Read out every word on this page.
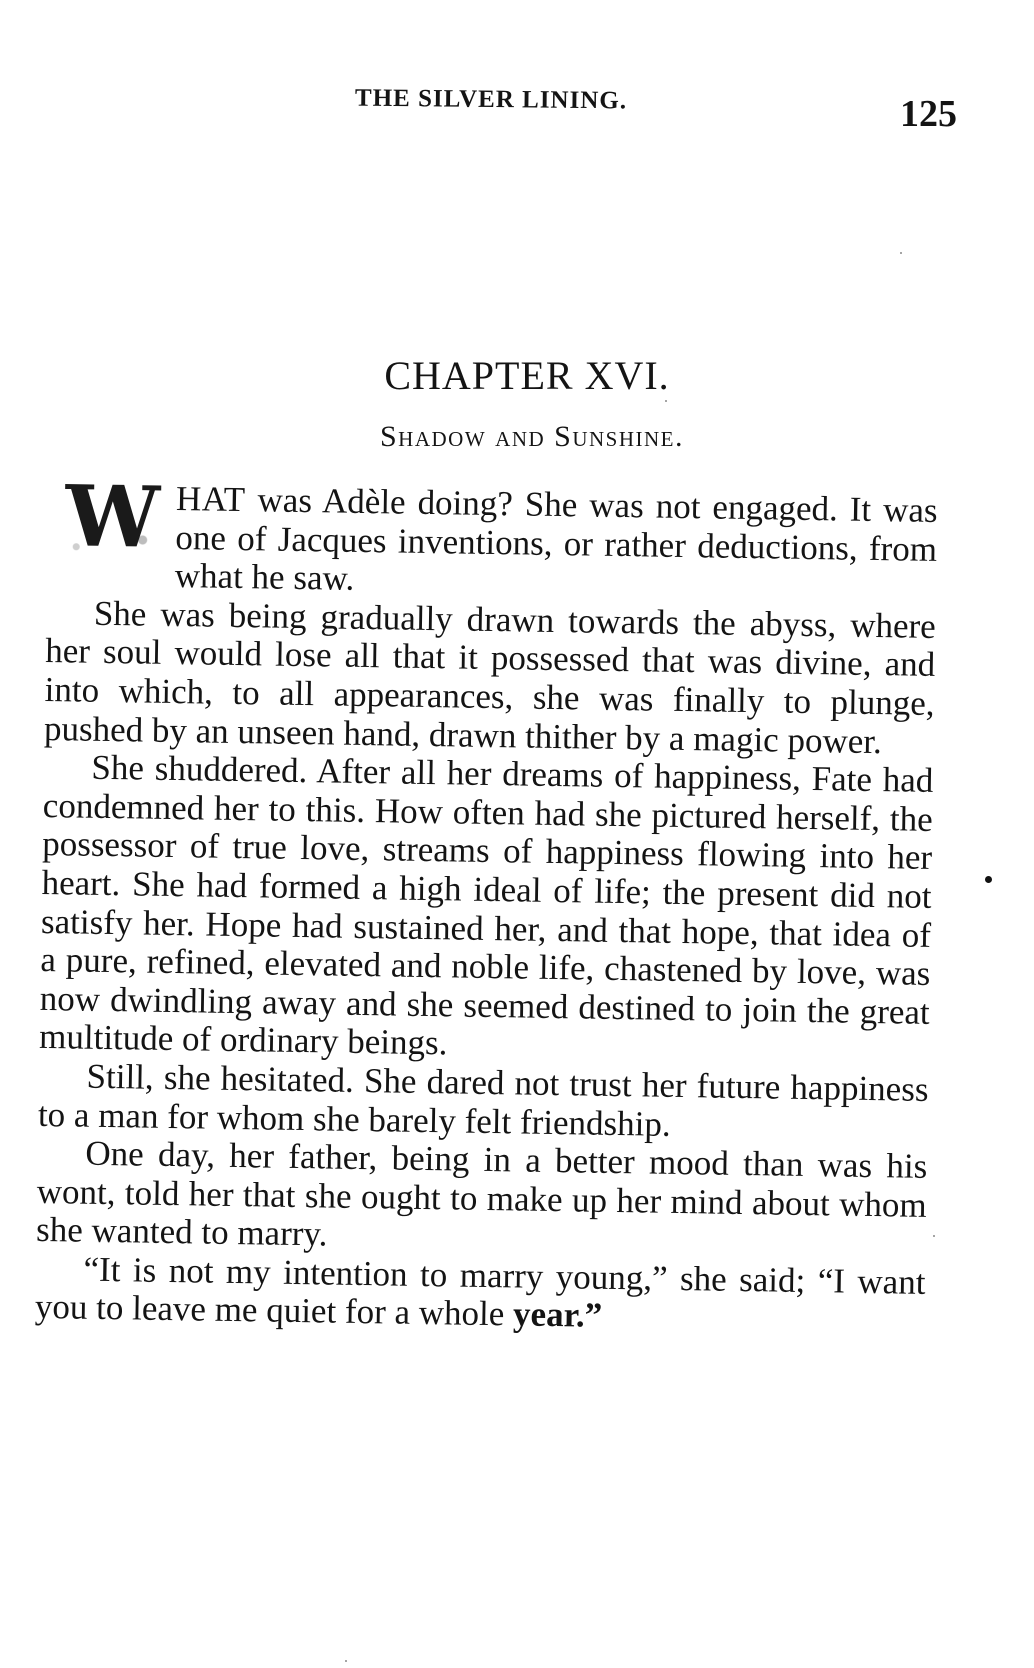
THE SILVER LINING.	125
CHAPTER XVI.
Shadow and Sunshine.

W HAT was Adèle doing? She was not engaged. It was one of Jacques inventions, or rather deductions, from what he saw.

She was being gradually drawn towards the abyss, where her soul would lose all that it possessed that was divine, and into which, to all appearances, she was finally to plunge, pushed by an unseen hand, drawn thither by a magic power.

She shuddered. After all her dreams of happiness, Fate had condemned her to this. How often had she pictured herself, the possessor of true love, streams of happiness flowing into her heart. She had formed a high ideal of life; the present did not satisfy her. Hope had sustained her, and that hope, that idea of a pure, refined, elevated and noble life, chastened by love, was now dwindling away and she seemed destined to join the great multitude of ordinary beings.

Still, she hesitated. She dared not trust her future happiness to a man for whom she barely felt friendship.

One day, her father, being in a better mood than was his wont, told her that she ought to make up her mind about whom she wanted to marry.

“It is not my intention to marry young,” she said; “I want you to leave me quiet for a whole year.”
